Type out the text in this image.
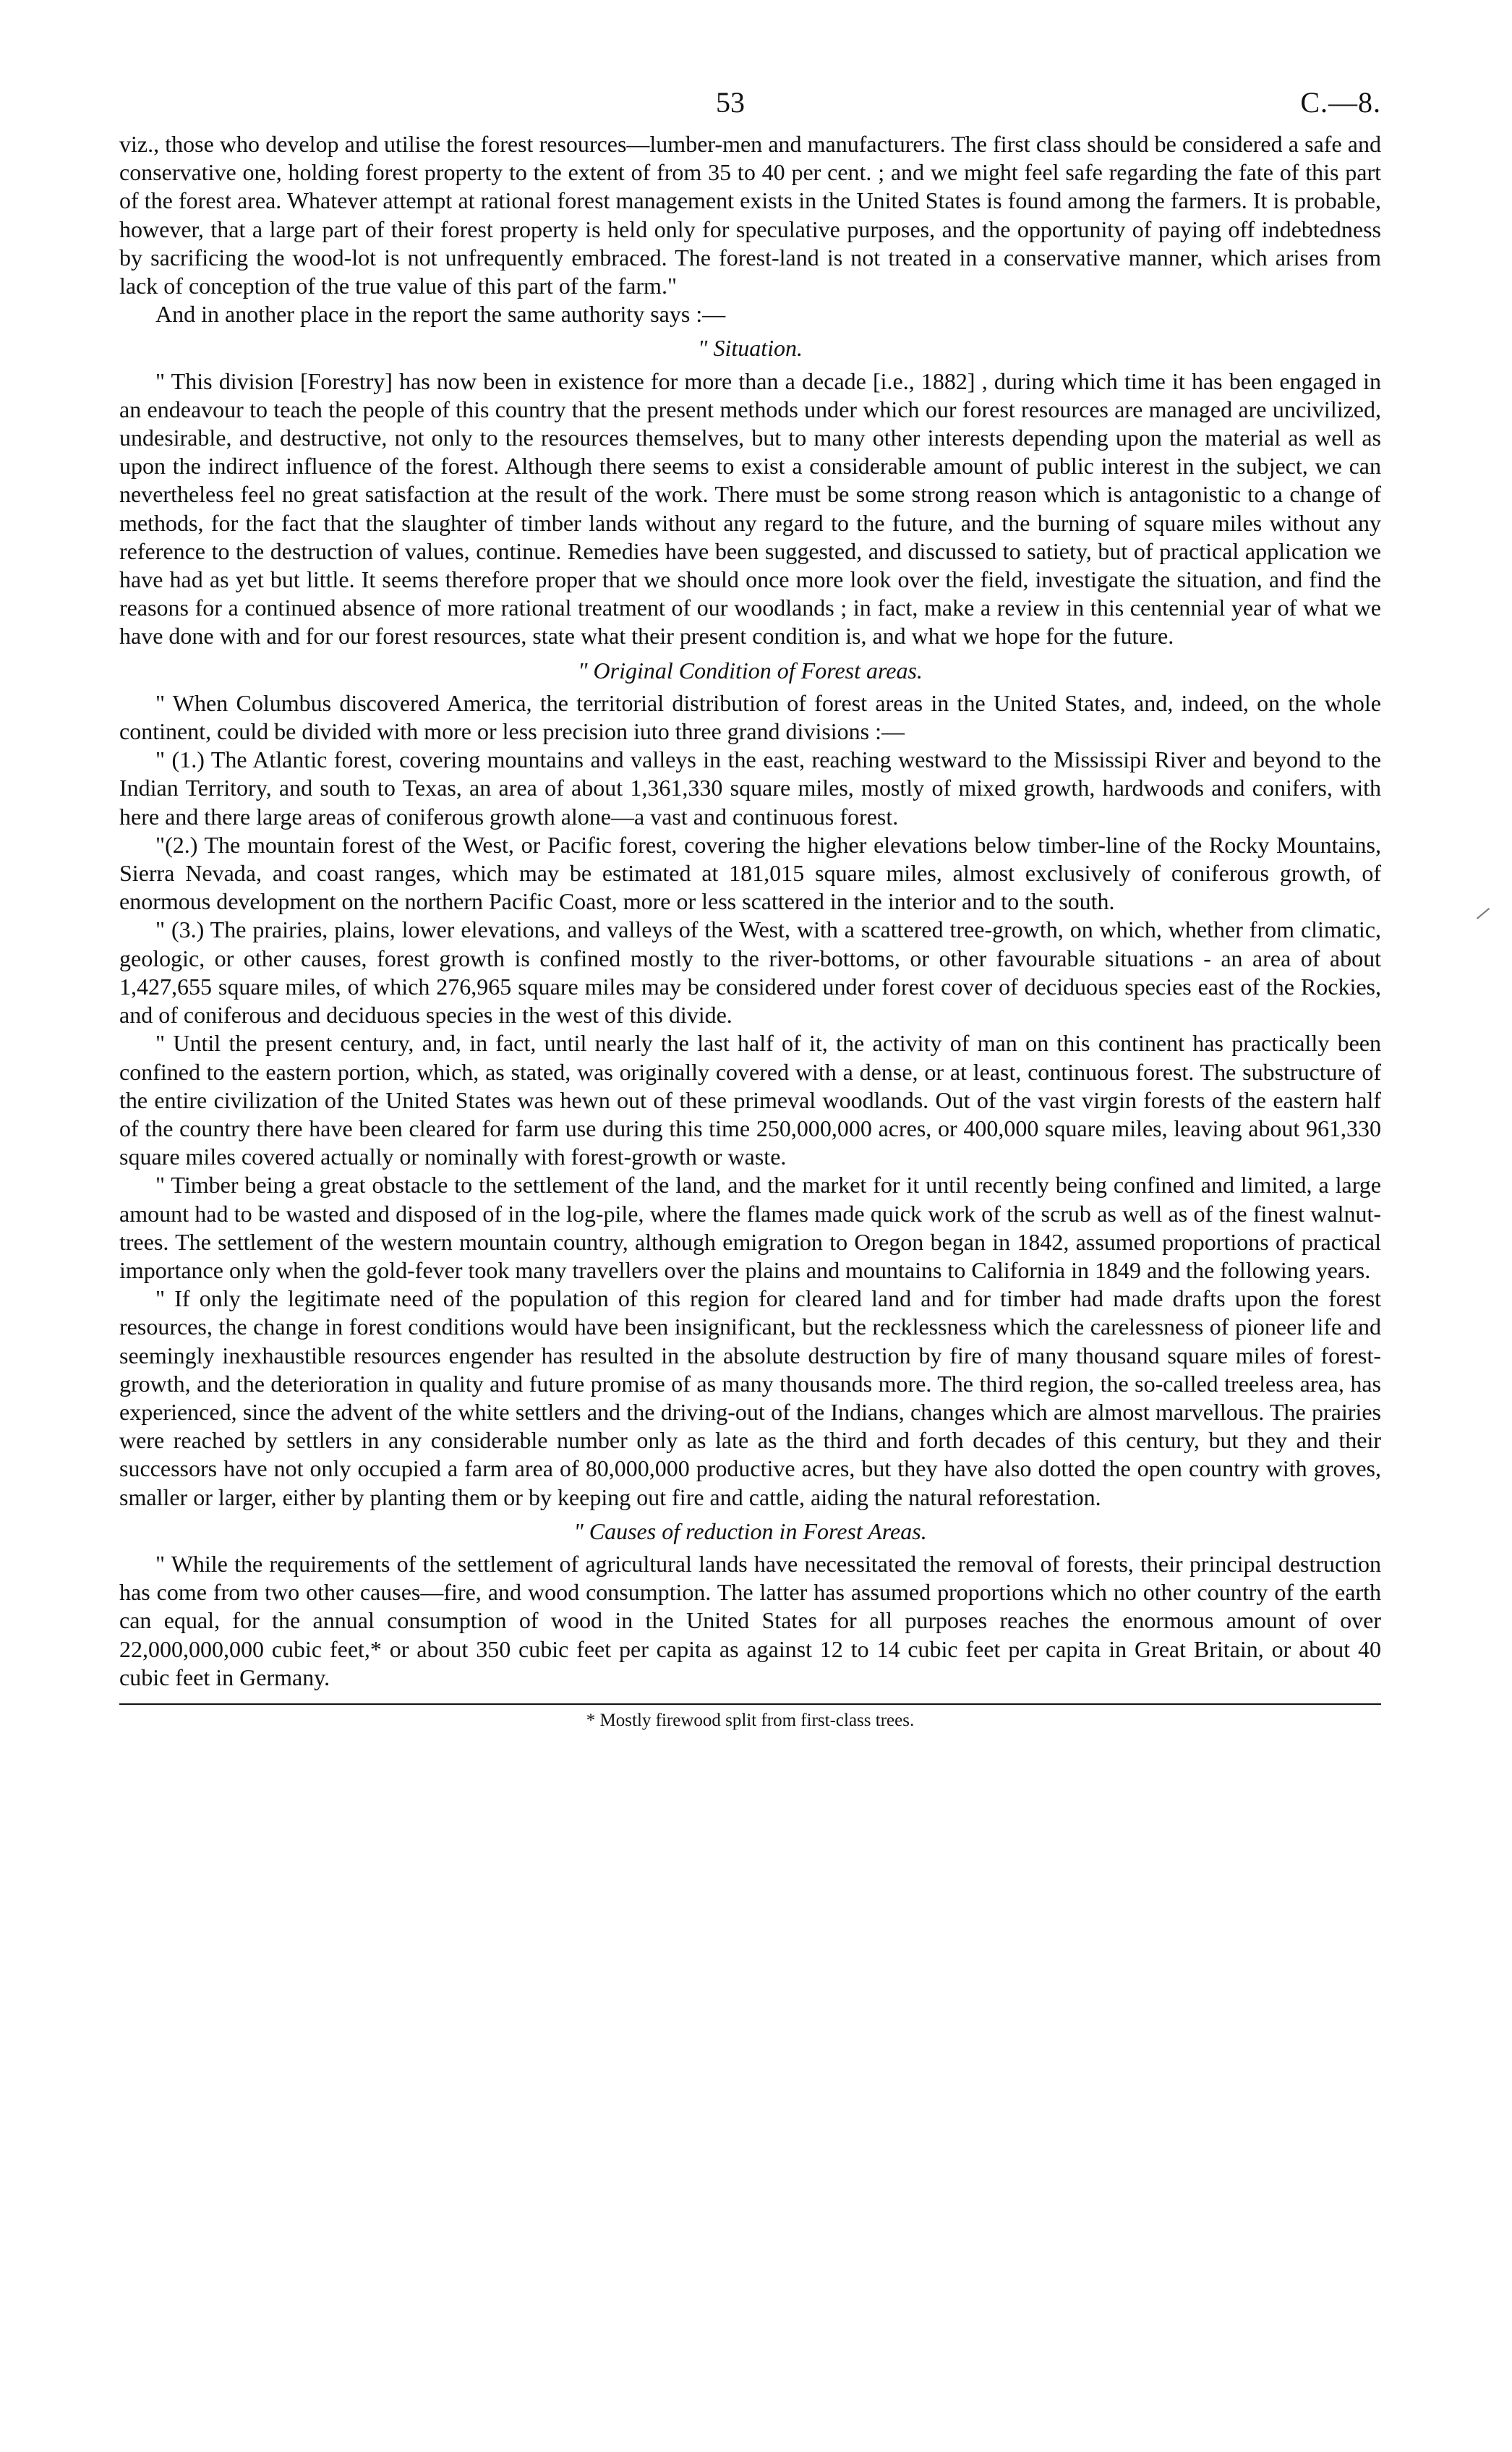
53	C.—8.

viz., those who develop and utilise the forest resources—lumber-men and manufacturers. The first class should be considered a safe and conservative one, holding forest property to the extent of from 35 to 40 per cent. ; and we might feel safe regarding the fate of this part of the forest area. Whatever attempt at rational forest management exists in the United States is found among the farmers. It is probable, however, that a large part of their forest property is held only for speculative purposes, and the opportunity of paying off indebtedness by sacrificing the wood-lot is not unfrequently embraced. The forest-land is not treated in a conservative manner, which arises from lack of conception of the true value of this part of the farm."

And in another place in the report the same authority says :—

" Situation.

" This division [Forestry] has now been in existence for more than a decade [i.e., 1882] , during which time it has been engaged in an endeavour to teach the people of this country that the present methods under which our forest resources are managed are uncivilized, undesirable, and destructive, not only to the resources themselves, but to many other interests depending upon the material as well as upon the indirect influence of the forest. Although there seems to exist a considerable amount of public interest in the subject, we can nevertheless feel no great satisfaction at the result of the work. There must be some strong reason which is antagonistic to a change of methods, for the fact that the slaughter of timber lands without any regard to the future, and the burning of square miles without any reference to the destruction of values, continue. Remedies have been suggested, and discussed to satiety, but of practical application we have had as yet but little. It seems therefore proper that we should once more look over the field, investigate the situation, and find the reasons for a continued absence of more rational treatment of our woodlands ; in fact, make a review in this centennial year of what we have done with and for our forest resources, state what their present condition is, and what we hope for the future.

" Original Condition of Forest areas.

" When Columbus discovered America, the territorial distribution of forest areas in the United States, and, indeed, on the whole continent, could be divided with more or less precision iuto three grand divisions :—

" (1.) The Atlantic forest, covering mountains and valleys in the east, reaching westward to the Mississipi River and beyond to the Indian Territory, and south to Texas, an area of about 1,361,330 square miles, mostly of mixed growth, hardwoods and conifers, with here and there large areas of coniferous growth alone—a vast and continuous forest.

"(2.) The mountain forest of the West, or Pacific forest, covering the higher elevations below timber-line of the Rocky Mountains, Sierra Nevada, and coast ranges, which may be estimated at 181,015 square miles, almost exclusively of coniferous growth, of enormous development on the northern Pacific Coast, more or less scattered in the interior and to the south.

" (3.) The prairies, plains, lower elevations, and valleys of the West, with a scattered tree-growth, on which, whether from climatic, geologic, or other causes, forest growth is confined mostly to the river-bottoms, or other favourable situations - an area of about 1,427,655 square miles, of which 276,965 square miles may be considered under forest cover of deciduous species east of the Rockies, and of coniferous and deciduous species in the west of this divide.

" Until the present century, and, in fact, until nearly the last half of it, the activity of man on this continent has practically been confined to the eastern portion, which, as stated, was originally covered with a dense, or at least, continuous forest. The substructure of the entire civilization of the United States was hewn out of these primeval woodlands. Out of the vast virgin forests of the eastern half of the country there have been cleared for farm use during this time 250,000,000 acres, or 400,000 square miles, leaving about 961,330 square miles covered actually or nominally with forest-growth or waste.

" Timber being a great obstacle to the settlement of the land, and the market for it until recently being confined and limited, a large amount had to be wasted and disposed of in the log-pile, where the flames made quick work of the scrub as well as of the finest walnut-trees. The settlement of the western mountain country, although emigration to Oregon began in 1842, assumed proportions of practical importance only when the gold-fever took many travellers over the plains and mountains to California in 1849 and the following years.

" If only the legitimate need of the population of this region for cleared land and for timber had made drafts upon the forest resources, the change in forest conditions would have been insignificant, but the recklessness which the carelessness of pioneer life and seemingly inexhaustible resources engender has resulted in the absolute destruction by fire of many thousand square miles of forest-growth, and the deterioration in quality and future promise of as many thousands more. The third region, the so-called treeless area, has experienced, since the advent of the white settlers and the driving-out of the Indians, changes which are almost marvellous. The prairies were reached by settlers in any considerable number only as late as the third and forth decades of this century, but they and their successors have not only occupied a farm area of 80,000,000 productive acres, but they have also dotted the open country with groves, smaller or larger, either by planting them or by keeping out fire and cattle, aiding the natural reforestation.

" Causes of reduction in Forest Areas.

" While the requirements of the settlement of agricultural lands have necessitated the removal of forests, their principal destruction has come from two other causes—fire, and wood consumption. The latter has assumed proportions which no other country of the earth can equal, for the annual consumption of wood in the United States for all purposes reaches the enormous amount of over 22,000,000,000 cubic feet,* or about 350 cubic feet per capita as against 12 to 14 cubic feet per capita in Great Britain, or about 40 cubic feet in Germany.

* Mostly firewood split from first-class trees.
